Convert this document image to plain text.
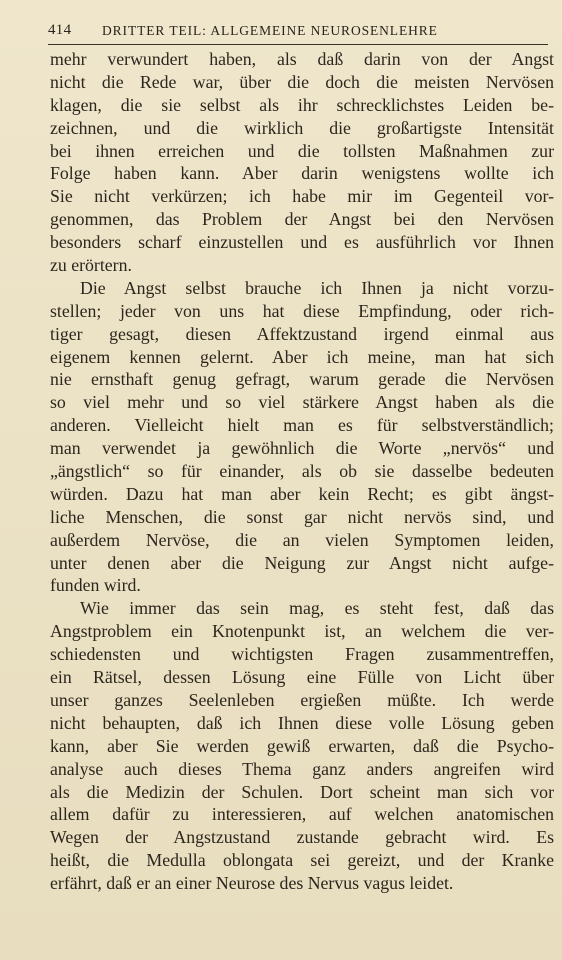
414 DRITTER TEIL: ALLGEMEINE NEUROSENLEHRE
mehr verwundert haben, als daß darin von der Angst
nicht die Rede war, über die doch die meisten Nervösen
klagen, die sie selbst als ihr schrecklichstes Leiden be-
zeichnen, und die wirklich die großartigste Intensität
bei ihnen erreichen und die tollsten Maßnahmen zur
Folge haben kann. Aber darin wenigstens wollte ich
Sie nicht verkürzen; ich habe mir im Gegenteil vor-
genommen, das Problem der Angst bei den Nervösen
besonders scharf einzustellen und es ausführlich vor Ihnen
zu erörtern.
Die Angst selbst brauche ich Ihnen ja nicht vorzu-
stellen; jeder von uns hat diese Empfindung, oder rich-
tiger gesagt, diesen Affektzustand irgend einmal aus
eigenem kennen gelernt. Aber ich meine, man hat sich
nie ernsthaft genug gefragt, warum gerade die Nervösen
so viel mehr und so viel stärkere Angst haben als die
anderen. Vielleicht hielt man es für selbstverständlich;
man verwendet ja gewöhnlich die Worte „nervös“ und
„ängstlich“ so für einander, als ob sie dasselbe bedeuten
würden. Dazu hat man aber kein Recht; es gibt ängst-
liche Menschen, die sonst gar nicht nervös sind, und
außerdem Nervöse, die an vielen Symptomen leiden,
unter denen aber die Neigung zur Angst nicht aufge-
funden wird.
Wie immer das sein mag, es steht fest, daß das
Angstproblem ein Knotenpunkt ist, an welchem die ver-
schiedensten und wichtigsten Fragen zusammentreffen,
ein Rätsel, dessen Lösung eine Fülle von Licht über
unser ganzes Seelenleben ergießen müßte. Ich werde
nicht behaupten, daß ich Ihnen diese volle Lösung geben
kann, aber Sie werden gewiß erwarten, daß die Psycho-
analyse auch dieses Thema ganz anders angreifen wird
als die Medizin der Schulen. Dort scheint man sich vor
allem dafür zu interessieren, auf welchen anatomischen
Wegen der Angstzustand zustande gebracht wird. Es
heißt, die Medulla oblongata sei gereizt, und der Kranke
erfährt, daß er an einer Neurose des Nervus vagus leidet.
